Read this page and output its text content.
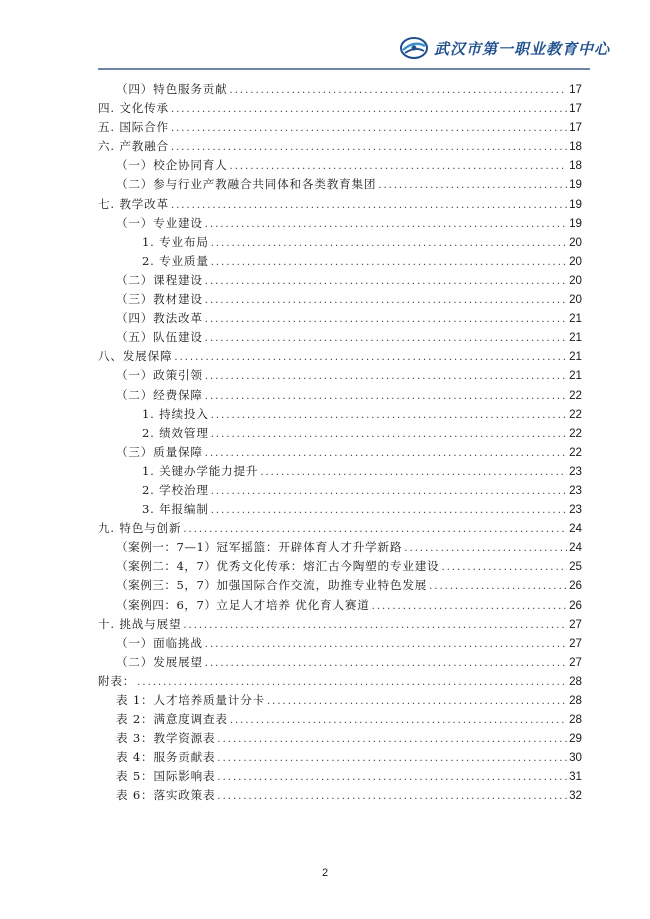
武汉市第一职业教育中心
（四）特色服务贡献 .....	17
四. 文化传承 .....	17
五. 国际合作 .....	17
六. 产教融合 .....	18
（一）校企协同育人 .....	18
（二）参与行业产教融合共同体和各类教育集团 .....	19
七. 教学改革 .....	19
（一）专业建设 .....	19
1. 专业布局 .....	20
2. 专业质量 .....	20
（二）课程建设 .....	20
（三）教材建设 .....	20
（四）教法改革 .....	21
（五）队伍建设 .....	21
八、发展保障 .....	21
（一）政策引领 .....	21
（二）经费保障 .....	22
1. 持续投入 .....	22
2. 绩效管理 .....	22
（三）质量保障 .....	22
1. 关键办学能力提升 .....	23
2. 学校治理 .....	23
3. 年报编制 .....	23
九. 特色与创新 .....	24
（案例一：7—1） 冠军摇篮：开辟体育人才升学新路 .....	24
（案例二：4，7） 优秀文化传承：熔汇古今陶塑的专业建设 .....	25
（案例三：5，7） 加强国际合作交流，助推专业特色发展 .....	26
（案例四：6，7） 立足人才培养 优化育人赛道 .....	26
十. 挑战与展望 .....	27
（一）面临挑战 .....	27
（二）发展展望 .....	27
附表： .....	28
表 1：人才培养质量计分卡 .....	28
表 2：满意度调查表 .....	28
表 3：教学资源表 .....	29
表 4：服务贡献表 .....	30
表 5：国际影响表 .....	31
表 6：落实政策表 .....	32
2
